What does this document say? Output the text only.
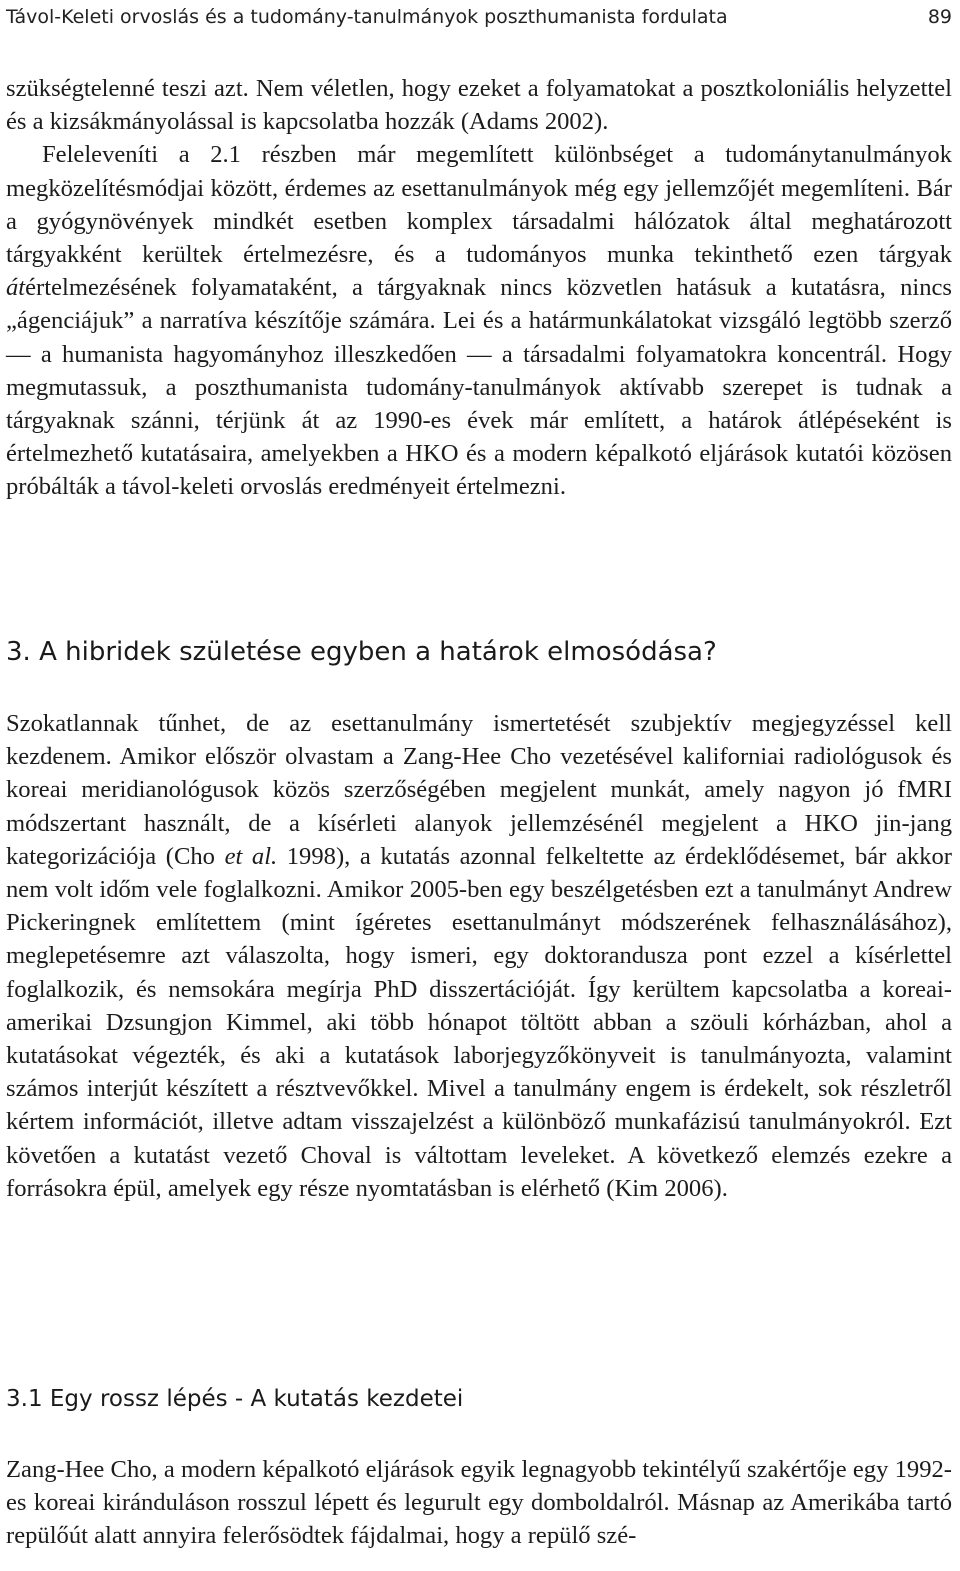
Távol-Keleti orvoslás és a tudomány-tanulmányok poszthumanista fordulata	89

szükségtelenné teszi azt. Nem véletlen, hogy ezeket a folyamatokat a posztkoloniális helyzettel és a kizsákmányolással is kapcsolatba hozzák (Adams 2002).
Feleleveníti a 2.1 részben már megemlített különbséget a tudománytanulmányok megközelítésmódjai között, érdemes az esettanulmányok még egy jellemzőjét megemlíteni. Bár a gyógynövények mindkét esetben komplex társadalmi hálózatok által meghatározott tárgyakként kerültek értelmezésre, és a tudományos munka tekinthető ezen tárgyak átértelmezésének folyamataként, a tárgyaknak nincs közvetlen hatásuk a kutatásra, nincs „ágenciájuk” a narratíva készítője számára. Lei és a határmunkálatokat vizsgáló legtöbb szerző — a humanista hagyományhoz illeszkedően — a társadalmi folyamatokra koncentrál. Hogy megmutassuk, a poszthumanista tudomány-tanulmányok aktívabb szerepet is tudnak a tárgyaknak szánni, térjünk át az 1990-es évek már említett, a határok átlépéseként is értelmezhető kutatásaira, amelyekben a HKO és a modern képalkotó eljárások kutatói közösen próbálták a távol-keleti orvoslás eredményeit értelmezni.

3. A hibridek születése egyben a határok elmosódása?

Szokatlannak tűnhet, de az esettanulmány ismertetését szubjektív megjegyzéssel kell kezdenem. Amikor először olvastam a Zang-Hee Cho vezetésével kaliforniai radiológusok és koreai meridianológusok közös szerzőségében megjelent munkát, amely nagyon jó fMRI módszertant használt, de a kísérleti alanyok jellemzésénél megjelent a HKO jin-jang kategorizációja (Cho et al. 1998), a kutatás azonnal felkeltette az érdeklődésemet, bár akkor nem volt időm vele foglalkozni. Amikor 2005-ben egy beszélgetésben ezt a tanulmányt Andrew Pickeringnek említettem (mint ígéretes esettanulmányt módszerének felhasználásához), meglepetésemre azt válaszolta, hogy ismeri, egy doktorandusza pont ezzel a kísérlettel foglalkozik, és nemsokára megírja PhD disszertációját. Így kerültem kapcsolatba a koreai-amerikai Dzsungjon Kimmel, aki több hónapot töltött abban a szöuli kórházban, ahol a kutatásokat végezték, és aki a kutatások laborjegyzőkönyveit is tanulmányozta, valamint számos interjút készített a résztvevőkkel. Mivel a tanulmány engem is érdekelt, sok részletről kértem információt, illetve adtam visszajelzést a különböző munkafázisú tanulmányokról. Ezt követően a kutatást vezető Choval is váltottam leveleket. A következő elemzés ezekre a forrásokra épül, amelyek egy része nyomtatásban is elérhető (Kim 2006).

3.1 Egy rossz lépés - A kutatás kezdetei

Zang-Hee Cho, a modern képalkotó eljárások egyik legnagyobb tekintélyű szakértője egy 1992-es koreai kiránduláson rosszul lépett és legurult egy domboldalról. Másnap az Amerikába tartó repülőút alatt annyira felerősödtek fájdalmai, hogy a repülő szé-
